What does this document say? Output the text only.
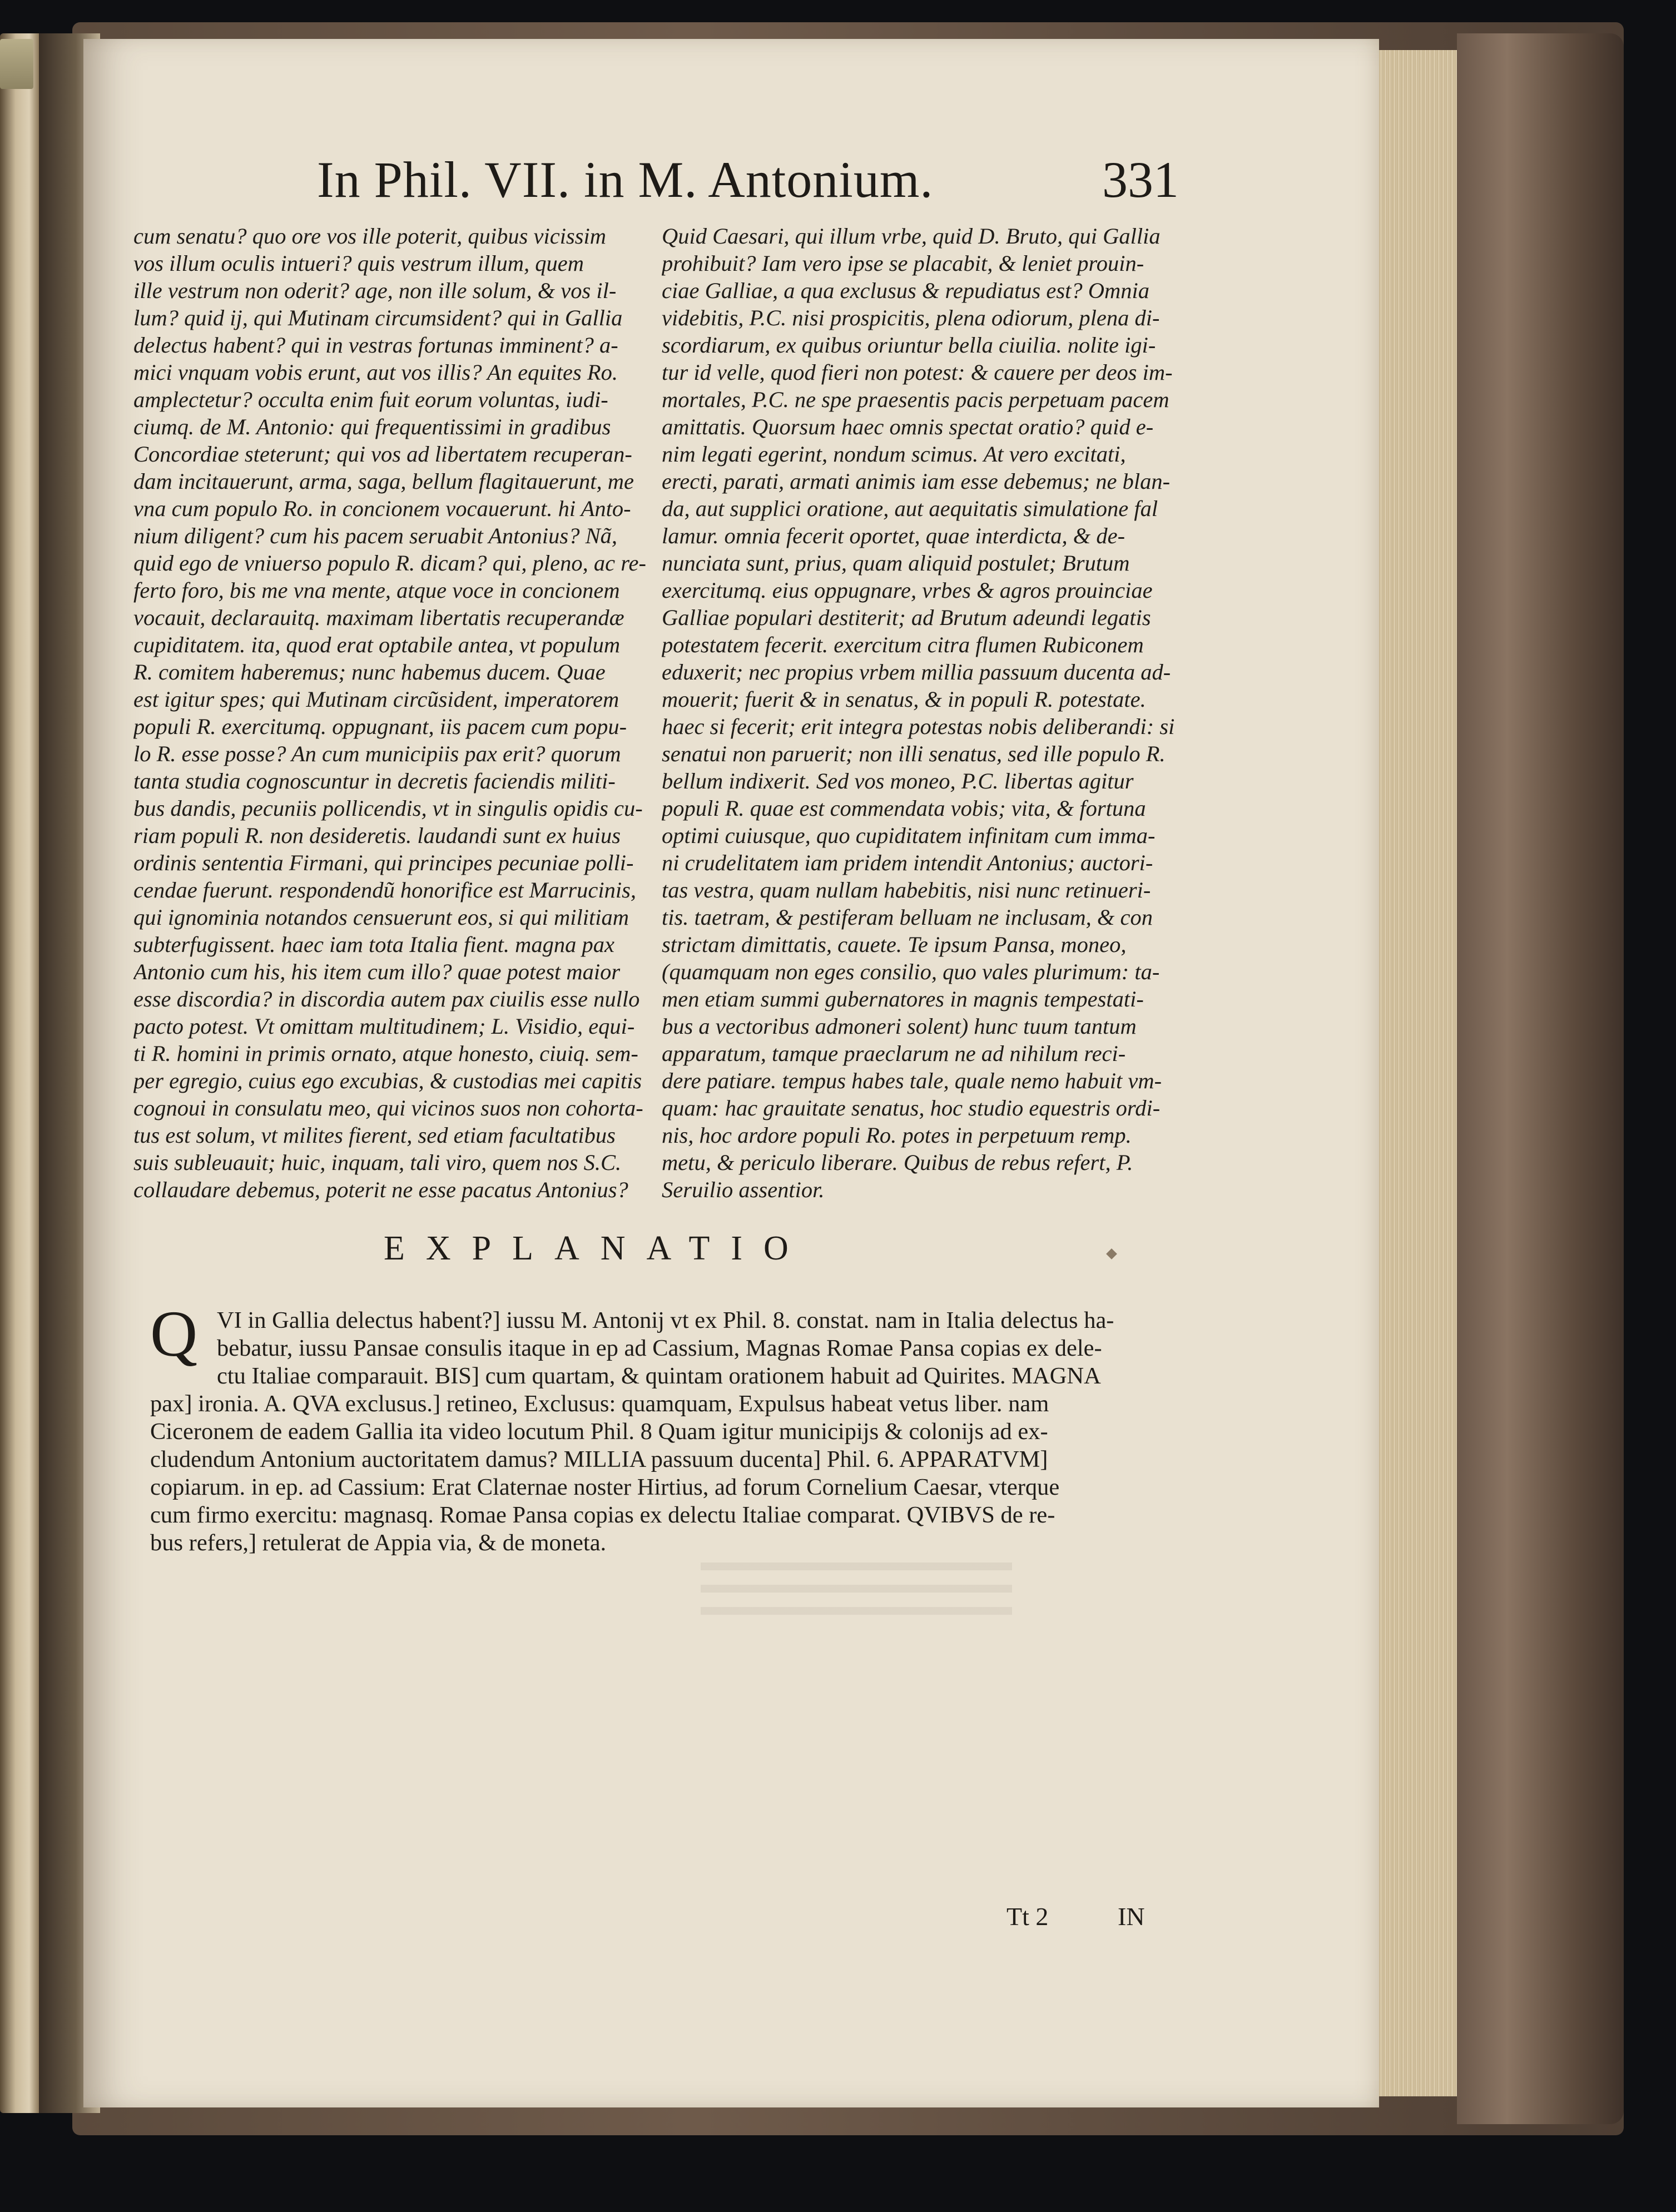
In Phil. VII. in M. Antonium.	331
cum senatu? quo ore vos ille poterit, quibus vicissim
vos illum oculis intueri? quis vestrum illum, quem
ille vestrum non oderit? age, non ille solum, & vos il-
lum? quid ij, qui Mutinam circumsident? qui in Gallia
delectus habent? qui in vestras fortunas imminent? a-
mici vnquam vobis erunt, aut vos illis? An equites Ro.
amplectetur? occulta enim fuit eorum voluntas, iudi-
ciumq. de M. Antonio: qui frequentissimi in gradibus
Concordiae steterunt; qui vos ad libertatem recuperan-
dam incitauerunt, arma, saga, bellum flagitauerunt, me
vna cum populo Ro. in concionem vocauerunt. hi Anto-
nium diligent? cum his pacem seruabit Antonius? Nã,
quid ego de vniuerso populo R. dicam? qui, pleno, ac re-
ferto foro, bis me vna mente, atque voce in concionem
vocauit, declarauitq. maximam libertatis recuperandæ
cupiditatem. ita, quod erat optabile antea, vt populum
R. comitem haberemus; nunc habemus ducem. Quae
est igitur spes; qui Mutinam circũsident, imperatorem
populi R. exercitumq. oppugnant, iis pacem cum popu-
lo R. esse posse? An cum municipiis pax erit? quorum
tanta studia cognoscuntur in decretis faciendis militi-
bus dandis, pecuniis pollicendis, vt in singulis opidis cu-
riam populi R. non desideretis. laudandi sunt ex huius
ordinis sententia Firmani, qui principes pecuniae polli-
cendae fuerunt. respondendũ honorifice est Marrucinis,
qui ignominia notandos censuerunt eos, si qui militiam
subterfugissent. haec iam tota Italia fient. magna pax
Antonio cum his, his item cum illo? quae potest maior
esse discordia? in discordia autem pax ciuilis esse nullo
pacto potest. Vt omittam multitudinem; L. Visidio, equi-
ti R. homini in primis ornato, atque honesto, ciuiq. sem-
per egregio, cuius ego excubias, & custodias mei capitis
cognoui in consulatu meo, qui vicinos suos non cohorta-
tus est solum, vt milites fierent, sed etiam facultatibus
suis subleuauit; huic, inquam, tali viro, quem nos S.C.
collaudare debemus, poterit ne esse pacatus Antonius?
Quid Caesari, qui illum vrbe, quid D. Bruto, qui Gallia
prohibuit? Iam vero ipse se placabit, & leniet prouin-
ciae Galliae, a qua exclusus & repudiatus est? Omnia
videbitis, P.C. nisi prospicitis, plena odiorum, plena di-
scordiarum, ex quibus oriuntur bella ciuilia. nolite igi-
tur id velle, quod fieri non potest: & cauere per deos im-
mortales, P.C. ne spe praesentis pacis perpetuam pacem
amittatis. Quorsum haec omnis spectat oratio? quid e-
nim legati egerint, nondum scimus. At vero excitati,
erecti, parati, armati animis iam esse debemus; ne blan-
da, aut supplici oratione, aut aequitatis simulatione fal
lamur. omnia fecerit oportet, quae interdicta, & de-
nunciata sunt, prius, quam aliquid postulet; Brutum
exercitumq. eius oppugnare, vrbes & agros prouinciae
Galliae populari destiterit; ad Brutum adeundi legatis
potestatem fecerit. exercitum citra flumen Rubiconem
eduxerit; nec propius vrbem millia passuum ducenta ad-
mouerit; fuerit & in senatus, & in populi R. potestate.
haec si fecerit; erit integra potestas nobis deliberandi: si
senatui non paruerit; non illi senatus, sed ille populo R.
bellum indixerit. Sed vos moneo, P.C. libertas agitur
populi R. quae est commendata vobis; vita, & fortuna
optimi cuiusque, quo cupiditatem infinitam cum imma-
ni crudelitatem iam pridem intendit Antonius; auctori-
tas vestra, quam nullam habebitis, nisi nunc retinueri-
tis. taetram, & pestiferam belluam ne inclusam, & con
strictam dimittatis, cauete. Te ipsum Pansa, moneo,
(quamquam non eges consilio, quo vales plurimum: ta-
men etiam summi gubernatores in magnis tempestati-
bus a vectoribus admoneri solent) hunc tuum tantum
apparatum, tamque praeclarum ne ad nihilum reci-
dere patiare. tempus habes tale, quale nemo habuit vm-
quam: hac grauitate senatus, hoc studio equestris ordi-
nis, hoc ardore populi Ro. potes in perpetuum remp.
metu, & periculo liberare. Quibus de rebus refert, P.
Seruilio assentior.
EXPLANATIO
Q VI in Gallia delectus habent?] iussu M. Antonij vt ex Phil. 8. constat. nam in Italia delectus ha-
bebatur, iussu Pansae consulis itaque in ep ad Cassium, Magnas Romae Pansa copias ex dele-
ctu Italiae comparauit. BIS] cum quartam, & quintam orationem habuit ad Quirites. MAGNA
pax] ironia. A. QVA exclusus.] retineo, Exclusus: quamquam, Expulsus habeat vetus liber. nam
Ciceronem de eadem Gallia ita video locutum Phil. 8 Quam igitur municipijs & colonijs ad ex-
cludendum Antonium auctoritatem damus? MILLIA passuum ducenta] Phil. 6. APPARATVM]
copiarum. in ep. ad Cassium: Erat Claternae noster Hirtius, ad forum Cornelium Caesar, vterque
cum firmo exercitu: magnasq. Romae Pansa copias ex delectu Italiae comparat. QVIBVS de re-
bus refers,] retulerat de Appia via, & de moneta.
Tt 2	IN
